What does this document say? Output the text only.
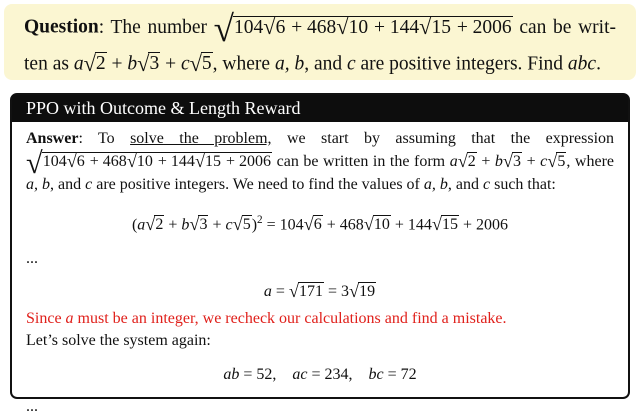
Question: The number √104√6 + 468√10 + 144√15 + 2006 can be writ-
ten as a√2 + b√3 + c√5, where a, b, and c are positive integers. Find abc.
PPO with Outcome & Length Reward
Answer: To solve the problem, we start by assuming that the expression
√104√6 + 468√10 + 144√15 + 2006 can be written in the form a√2 + b√3 + c√5, where
a, b, and c are positive integers. We need to find the values of a, b, and c such that:
$(a√2 + b√3 + c√5)^2 = 104√6 + 468√10 + 144√15 + 2006$
...
a = √171 = 3√19
Since a must be an integer, we recheck our calculations and find a mistake.
Let’s solve the system again:
ab = 52,    ac = 234,    bc = 72
...
